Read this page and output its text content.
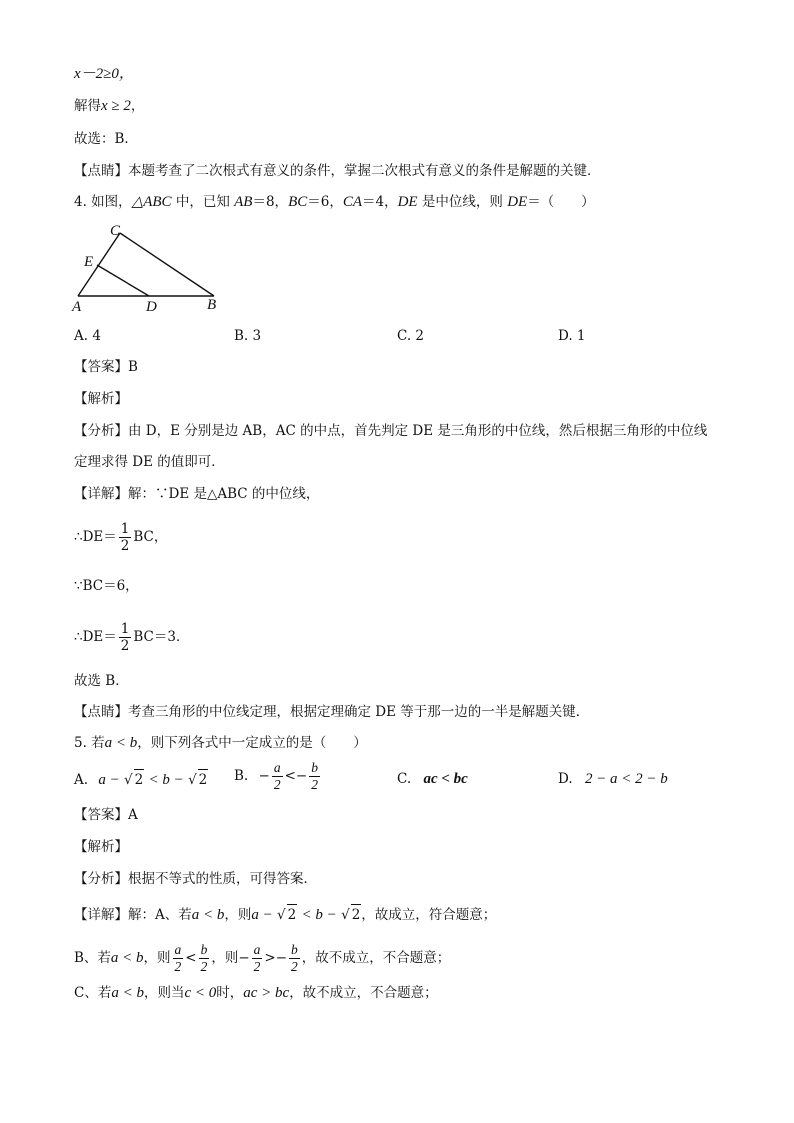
x－2≥0，
解得x ≥ 2，
故选：B．
【点睛】本题考查了二次根式有意义的条件，掌握二次根式有意义的条件是解题的关键．
4. 如图，△ABC 中，已知 AB＝8，BC＝6，CA＝4，DE 是中位线，则 DE＝（　　）
C
E
A	D	B
A. 4	B. 3	C. 2	D. 1
【答案】B
【解析】
【分析】由 D，E 分别是边 AB，AC 的中点，首先判定 DE 是三角形的中位线，然后根据三角形的中位线
定理求得 DE 的值即可．
【详解】解：∵DE 是△ABC 的中位线，
∴DE＝ $\frac{1}{2}$ BC，
∵BC＝6，
∴DE＝ $\frac{1}{2} BC=3$．
故选 B．
【点睛】考查三角形的中位线定理，根据定理确定 DE 等于那一边的一半是解题关键．
5. 若a < b，则下列各式中一定成立的是（　　）
A. a − √ 2 < b − √ 2 B. − $\frac{a}{2} <- \frac{b}{2}$	C. ac < bc	D. 2 − a < 2 − b
【答案】A
【解析】
【分析】根据不等式的性质，可得答案．
【详解】解：A、若a < b，则a − √ 2 < b − √ 2，故成立，符合题意；
B、若a < b，则 $\frac{a}{2} < \frac{b}{2}$ ，则− $\frac{a}{2} >- \frac{b}{2}$ ，故不成立，不合题意；
C、若a < b，则当c < 0时，ac > bc，故不成立，不合题意；
